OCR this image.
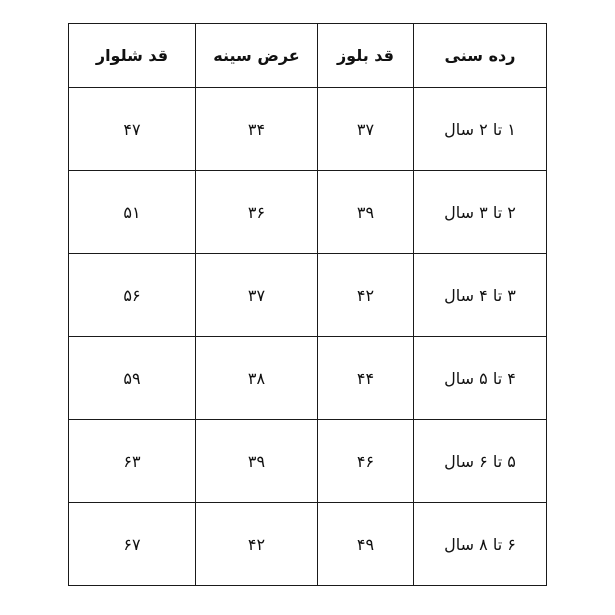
قد شلوار	عرض سینه	قد بلوز	رده سنی
۴۷	۳۴	۳۷	۱ تا ۲ سال
۵۱	۳۶	۳۹	۲ تا ۳ سال
۵۶	۳۷	۴۲	۳ تا ۴ سال
۵۹	۳۸	۴۴	۴ تا ۵ سال
۶۳	۳۹	۴۶	۵ تا ۶ سال
۶۷	۴۲	۴۹	۶ تا ۸ سال
